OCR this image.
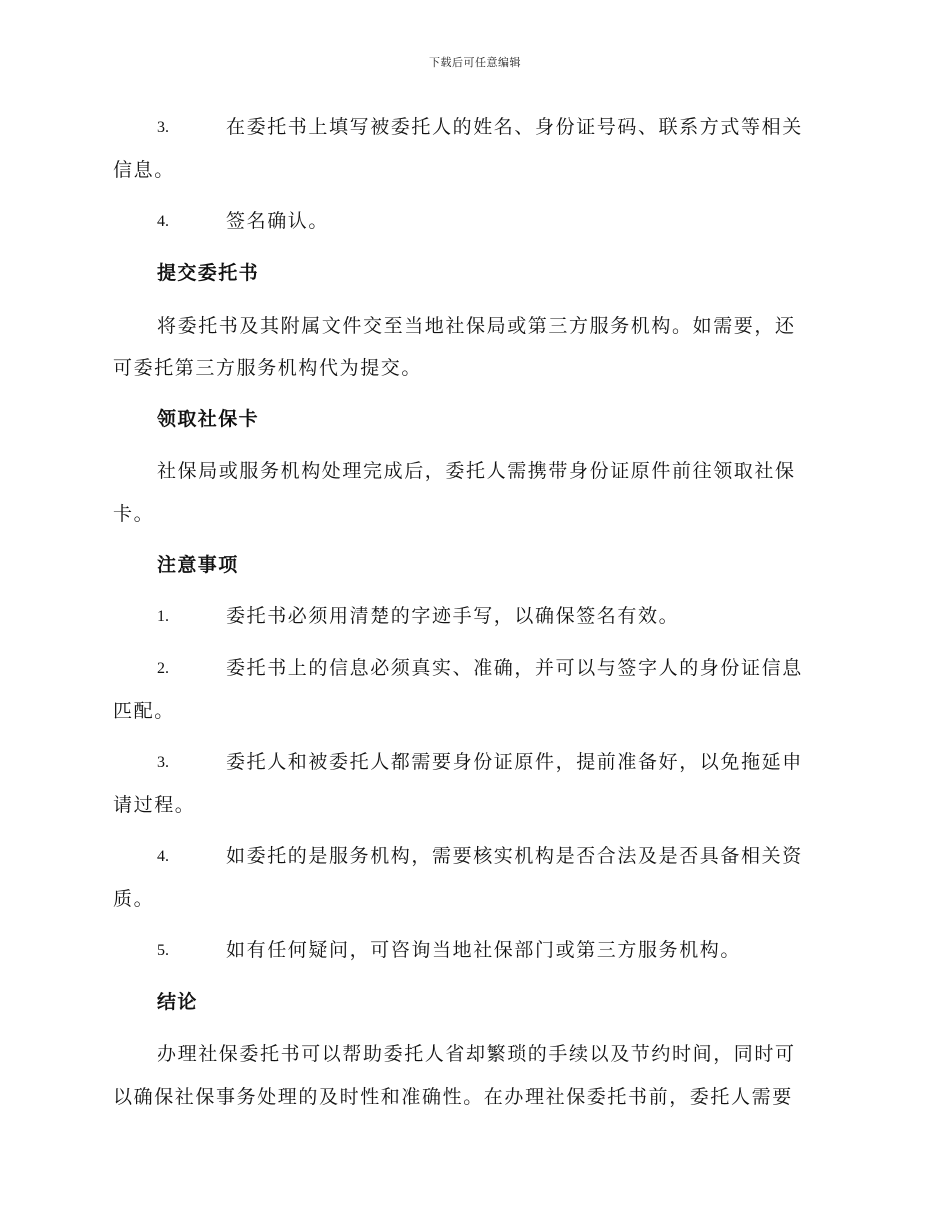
下载后可任意编辑
3.	在委托书上填写被委托人的姓名、身份证号码、联系方式等相关
信息。
4.	签名确认。
提交委托书
将委托书及其附属文件交至当地社保局或第三方服务机构。如需要，还
可委托第三方服务机构代为提交。
领取社保卡
社保局或服务机构处理完成后，委托人需携带身份证原件前往领取社保
卡。
注意事项
1.	委托书必须用清楚的字迹手写，以确保签名有效。
2.	委托书上的信息必须真实、准确，并可以与签字人的身份证信息
匹配。
3.	委托人和被委托人都需要身份证原件，提前准备好，以免拖延申
请过程。
4.	如委托的是服务机构，需要核实机构是否合法及是否具备相关资
质。
5.	如有任何疑问，可咨询当地社保部门或第三方服务机构。
结论
办理社保委托书可以帮助委托人省却繁琐的手续以及节约时间，同时可
以确保社保事务处理的及时性和准确性。在办理社保委托书前，委托人需要
